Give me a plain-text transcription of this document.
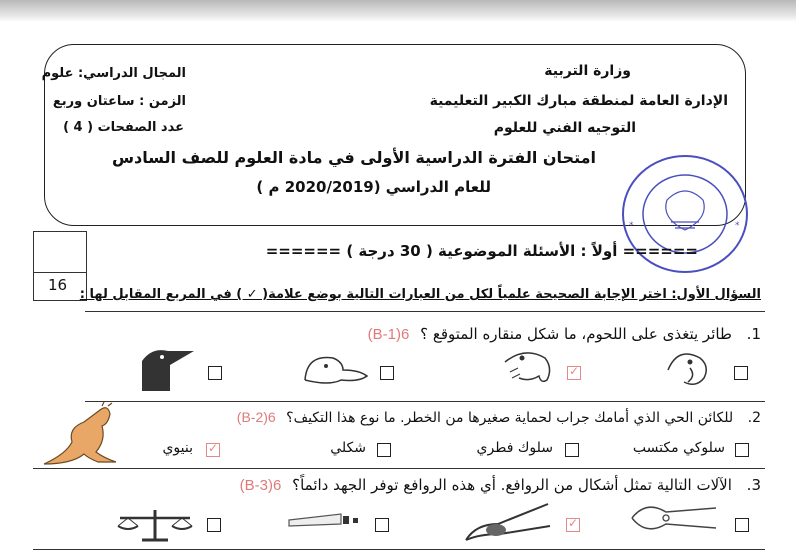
وزارة التربية
الإدارة العامة لمنطقة مبارك الكبير التعليمية
التوجيه الفني للعلوم
المجال الدراسي: علوم
الزمن : ساعتان وربع
عدد الصفحات ( 4 )
امتحان الفترة الدراسية الأولى في مادة العلوم للصف السادس
للعام الدراسي (2020/2019 م )
*	*
16
====== أولاً : الأسئلة الموضوعية ( 30 درجة ) ======
السؤال الأول: اختر الإجابة الصحيحة علمياً لكل من العبارات التالية بوضع علامة( ✓ ) في المربع المقابل لها :
1. طائر يتغذى على اللحوم، ما شكل منقاره المتوقع ؟ 6(B-1)
✓
2. للكائن الحي الذي أمامك جراب لحماية صغيرها من الخطر. ما نوع هذا التكيف؟ 6(B-2)
سلوكي مكتسب
سلوك فطري
شكلي
✓
بنيوي
3. الآلات التالية تمثل أشكال من الروافع. أي هذه الروافع توفر الجهد دائماً؟ 6(B-3)
✓
